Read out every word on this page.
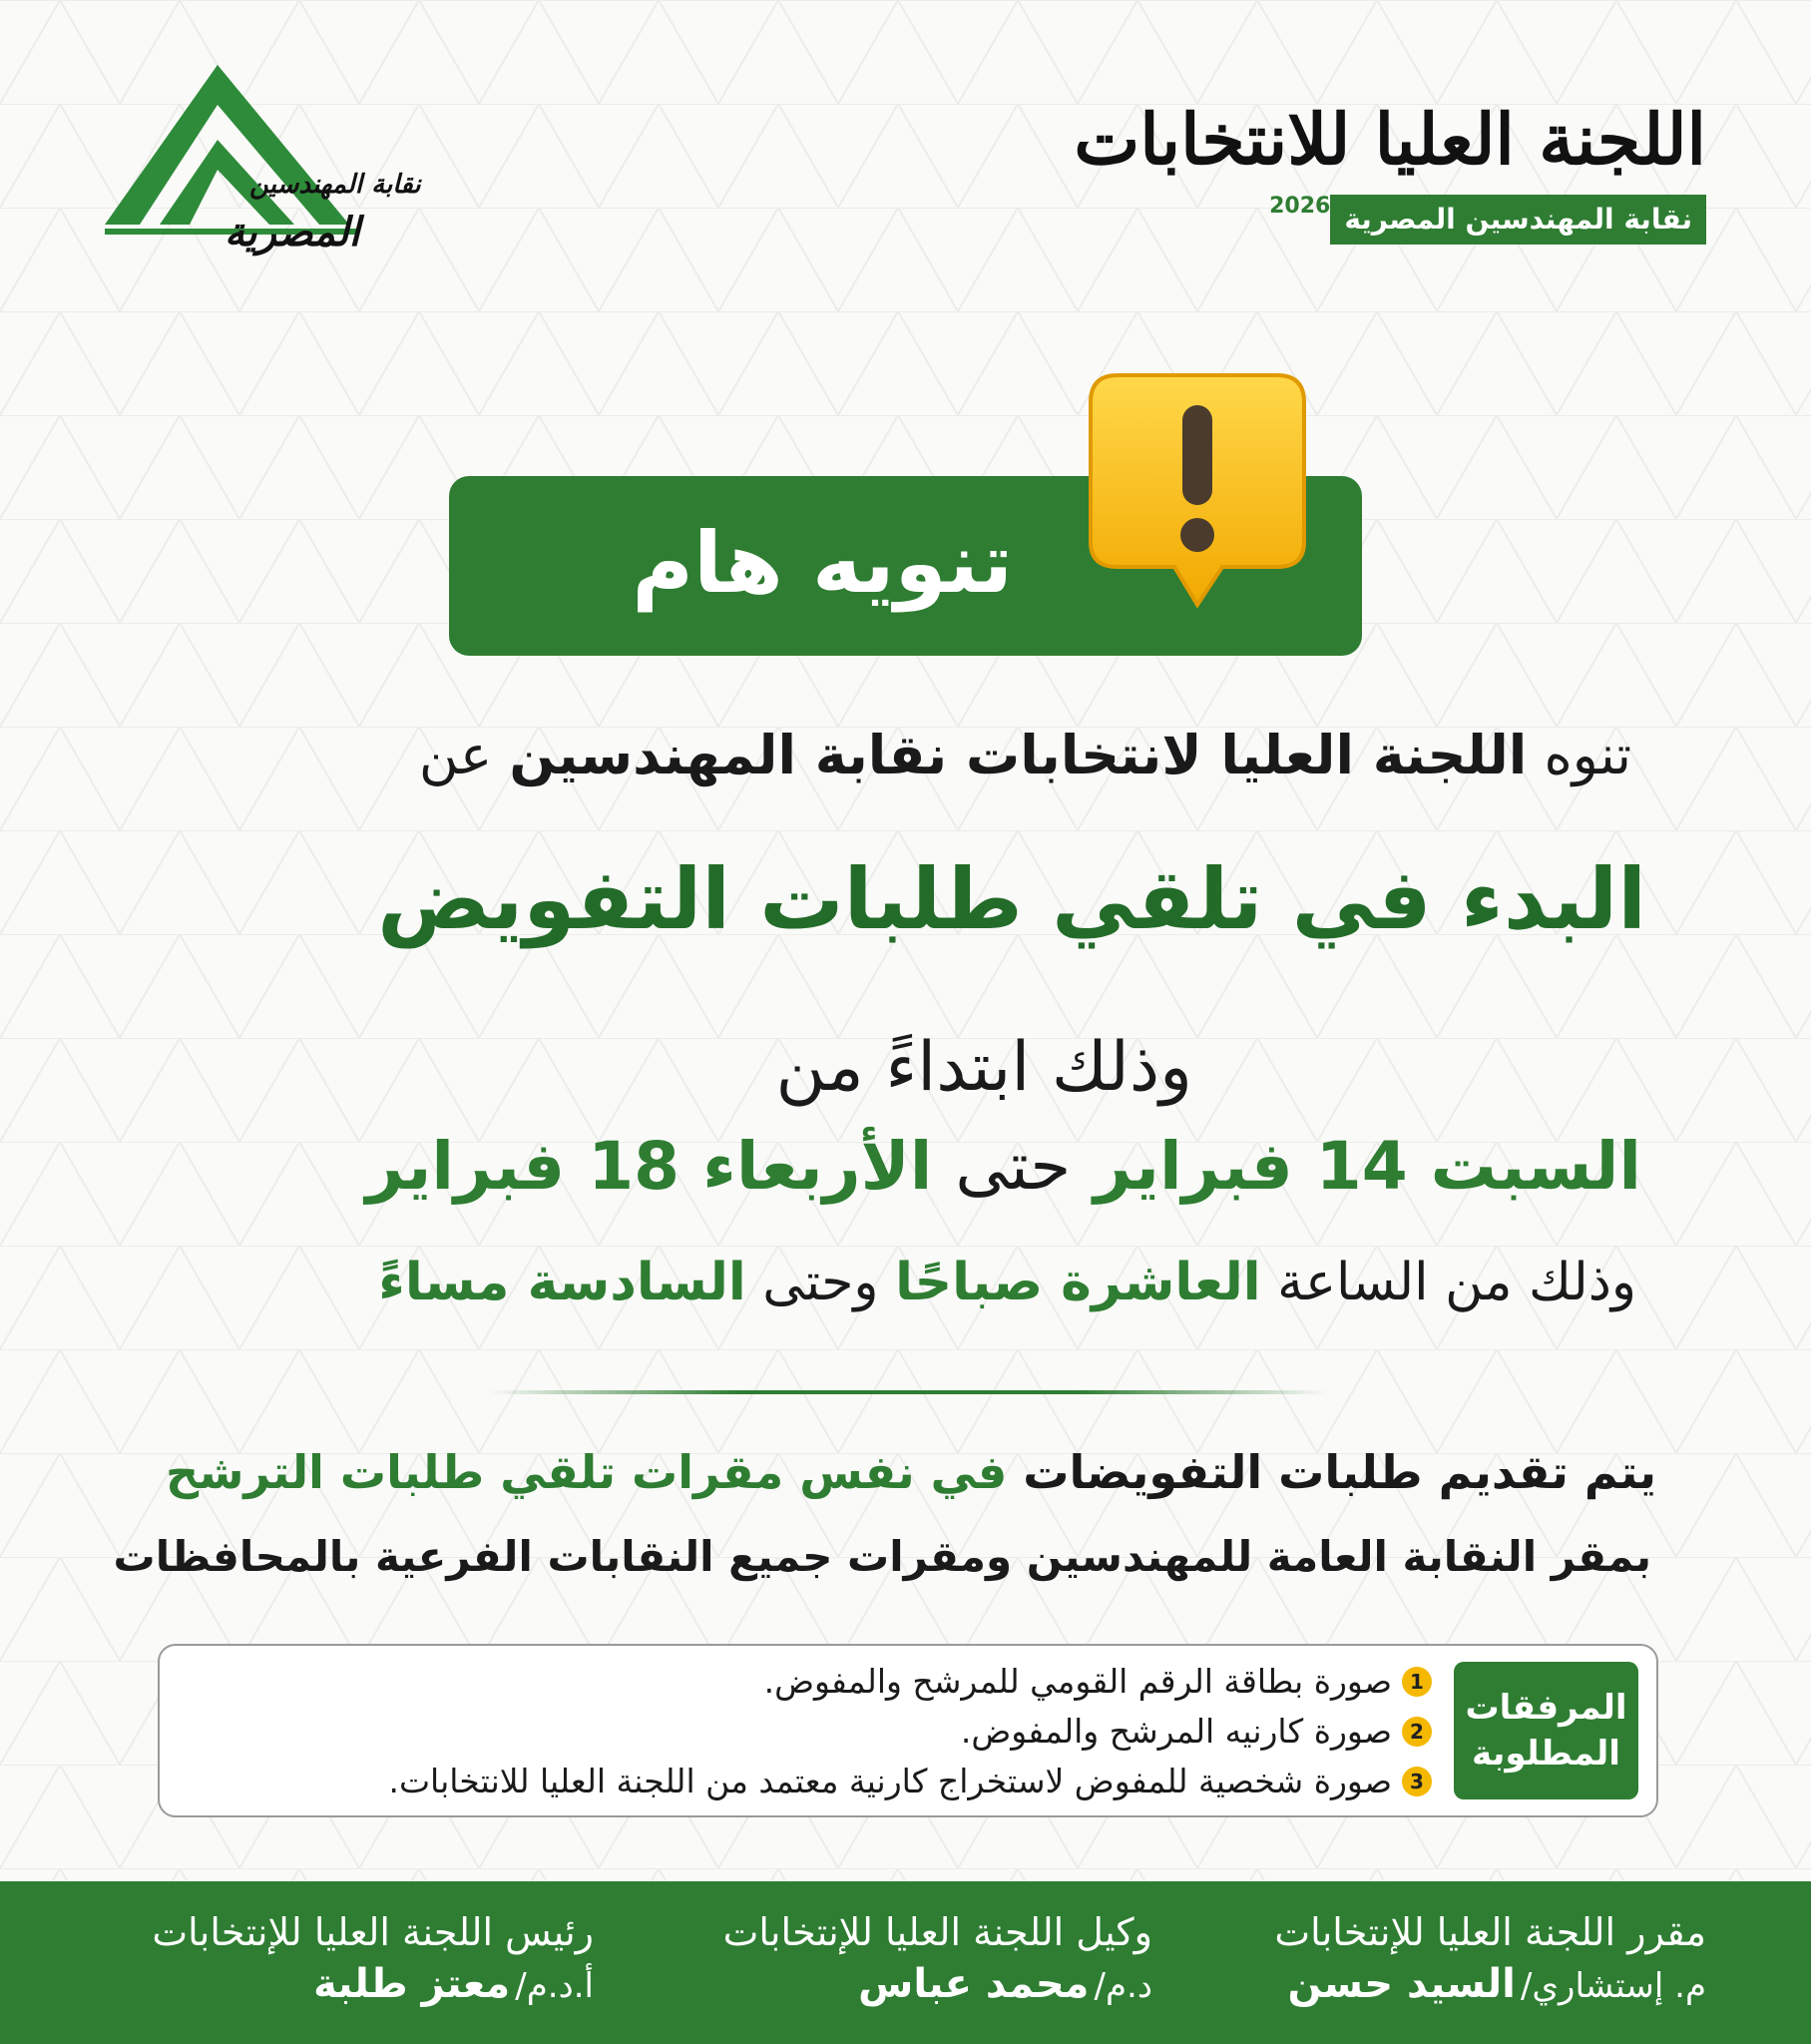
اللجنة العليا للانتخابات
نقابة المهندسين المصرية2026
نقابة المهندسين
المصرية
تنويه هام
تنوه اللجنة العليا لانتخابات نقابة المهندسين عن
البدء في تلقي طلبات التفويض
وذلك ابتداءً من
السبت 14 فبراير حتى الأربعاء 18 فبراير
وذلك من الساعة العاشرة صباحًا وحتى السادسة مساءً
يتم تقديم طلبات التفويضات في نفس مقرات تلقي طلبات الترشح
بمقر النقابة العامة للمهندسين ومقرات جميع النقابات الفرعية بالمحافظات
المرفقات
المطلوبة
1
صورة بطاقة الرقم القومي للمرشح والمفوض.
2
صورة كارنيه المرشح والمفوض.
3
صورة شخصية للمفوض لاستخراج كارنية معتمد من اللجنة العليا للانتخابات.
مقرر اللجنة العليا للإنتخابات
م. إستشاري/ السيد حسن
وكيل اللجنة العليا للإنتخابات
د.م/ محمد عباس
رئيس اللجنة العليا للإنتخابات
أ.د.م/ معتز طلبة
